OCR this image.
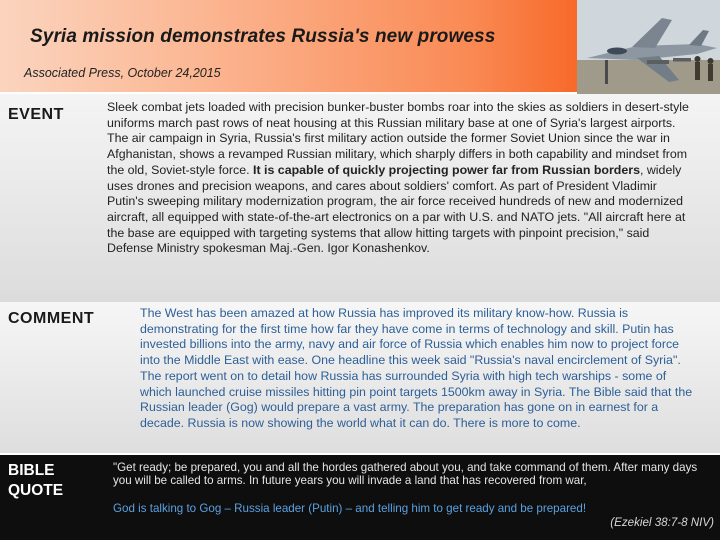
Syria mission demonstrates Russia's new prowess
Associated Press, October 24,2015
EVENT	Sleek combat jets loaded with precision bunker-buster bombs roar into the skies as soldiers in desert-style uniforms march past rows of neat housing at this Russian military base at one of Syria's largest airports. The air campaign in Syria, Russia's first military action outside the former Soviet Union since the war in Afghanistan, shows a revamped Russian military, which sharply differs in both capability and mindset from the old, Soviet-style force. It is capable of quickly projecting power far from Russian borders, widely uses drones and precision weapons, and cares about soldiers' comfort. As part of President Vladimir Putin's sweeping military modernization program, the air force received hundreds of new and modernized aircraft, all equipped with state-of-the-art electronics on a par with U.S. and NATO jets. "All aircraft here at the base are equipped with targeting systems that allow hitting targets with pinpoint precision," said Defense Ministry spokesman Maj.-Gen. Igor Konashenkov.
COMMENT	The West has been amazed at how Russia has improved its military know-how. Russia is demonstrating for the first time how far they have come in terms of technology and skill. Putin has invested billions into the army, navy and air force of Russia which enables him now to project force into the Middle East with ease. One headline this week said "Russia's naval encirclement of Syria". The report went on to detail how Russia has surrounded Syria with high tech warships - some of which launched cruise missiles hitting pin point targets 1500km away in Syria. The Bible said that the Russian leader (Gog) would prepare a vast army. The preparation has gone on in earnest for a decade. Russia is now showing the world what it can do. There is more to come.
BIBLE
QUOTE
"Get ready; be prepared, you and all the hordes gathered about you, and take command of them. After many days you will be called to arms. In future years you will invade a land that has recovered from war,
God is talking to Gog – Russia leader (Putin) – and telling him to get ready and be prepared!
(Ezekiel 38:7-8 NIV)
